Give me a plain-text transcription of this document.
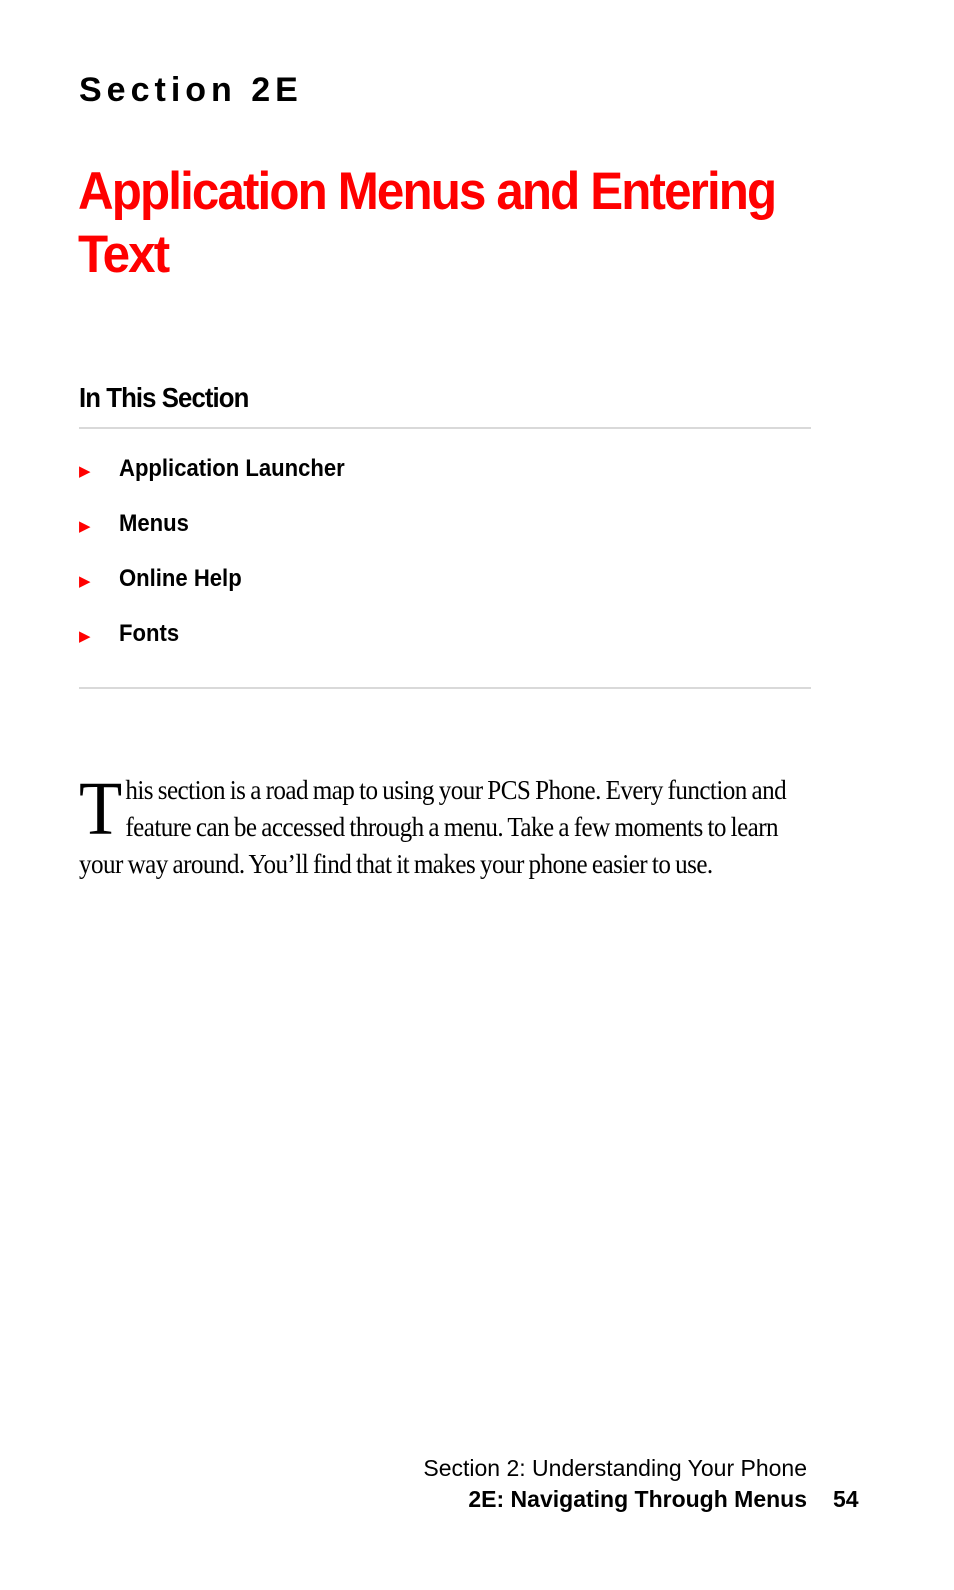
Section 2E
Application Menus and Entering Text
In This Section
▶	Application Launcher
▶	Menus
▶	Online Help
▶	Fonts

This section is a road map to using your PCS Phone. Every function and feature can be accessed through a menu. Take a few moments to learn your way around. You’ll find that it makes your phone easier to use.

Section 2: Understanding Your Phone
2E: Navigating Through Menus 54
